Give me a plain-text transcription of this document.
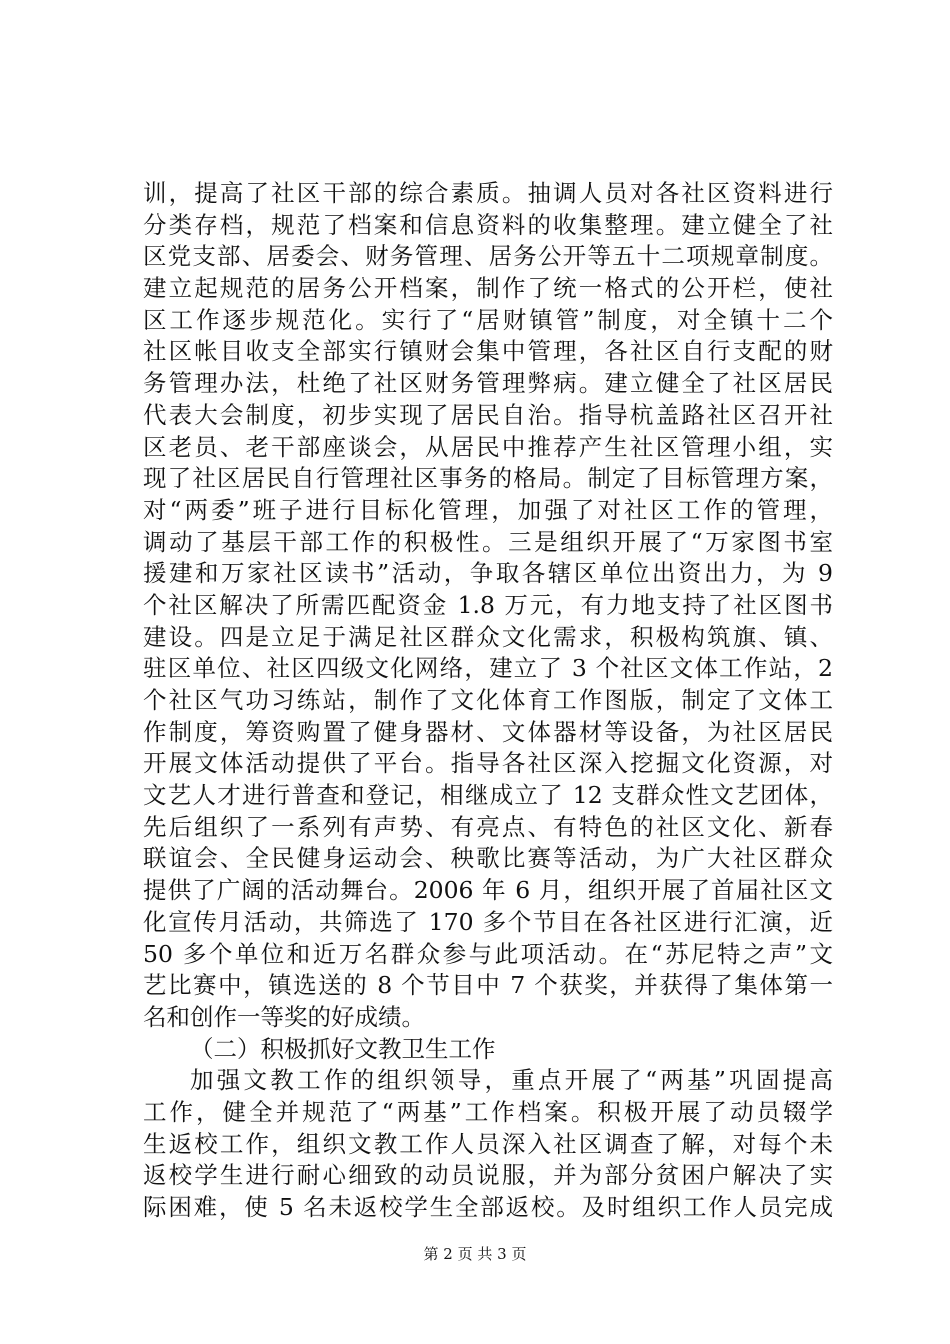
训，提高了社区干部的综合素质。抽调人员对各社区资料进行
分类存档，规范了档案和信息资料的收集整理。建立健全了社
区党支部、居委会、财务管理、居务公开等五十二项规章制度。
建立起规范的居务公开档案，制作了统一格式的公开栏，使社
区工作逐步规范化。实行了“居财镇管”制度，对全镇十二个
社区帐目收支全部实行镇财会集中管理，各社区自行支配的财
务管理办法，杜绝了社区财务管理弊病。建立健全了社区居民
代表大会制度，初步实现了居民自治。指导杭盖路社区召开社
区老员、老干部座谈会，从居民中推荐产生社区管理小组，实
现了社区居民自行管理社区事务的格局。制定了目标管理方案，
对“两委”班子进行目标化管理，加强了对社区工作的管理，
调动了基层干部工作的积极性。三是组织开展了“万家图书室
援建和万家社区读书”活动，争取各辖区单位出资出力，为 9
个社区解决了所需匹配资金 1.8 万元，有力地支持了社区图书
建设。四是立足于满足社区群众文化需求，积极构筑旗、镇、
驻区单位、社区四级文化网络，建立了 3 个社区文体工作站，2
个社区气功习练站，制作了文化体育工作图版，制定了文体工
作制度，筹资购置了健身器材、文体器材等设备，为社区居民
开展文体活动提供了平台。指导各社区深入挖掘文化资源，对
文艺人才进行普查和登记，相继成立了 12 支群众性文艺团体，
先后组织了一系列有声势、有亮点、有特色的社区文化、新春
联谊会、全民健身运动会、秧歌比赛等活动，为广大社区群众
提供了广阔的活动舞台。2006 年 6 月，组织开展了首届社区文
化宣传月活动，共筛选了 170 多个节目在各社区进行汇演，近
50 多个单位和近万名群众参与此项活动。在“苏尼特之声”文
艺比赛中，镇选送的 8 个节目中 7 个获奖，并获得了集体第一
名和创作一等奖的好成绩。
（二）积极抓好文教卫生工作
加强文教工作的组织领导，重点开展了“两基”巩固提高
工作，健全并规范了“两基”工作档案。积极开展了动员辍学
生返校工作，组织文教工作人员深入社区调查了解，对每个未
返校学生进行耐心细致的动员说服，并为部分贫困户解决了实
际困难，使 5 名未返校学生全部返校。及时组织工作人员完成
第 2 页 共 3 页
